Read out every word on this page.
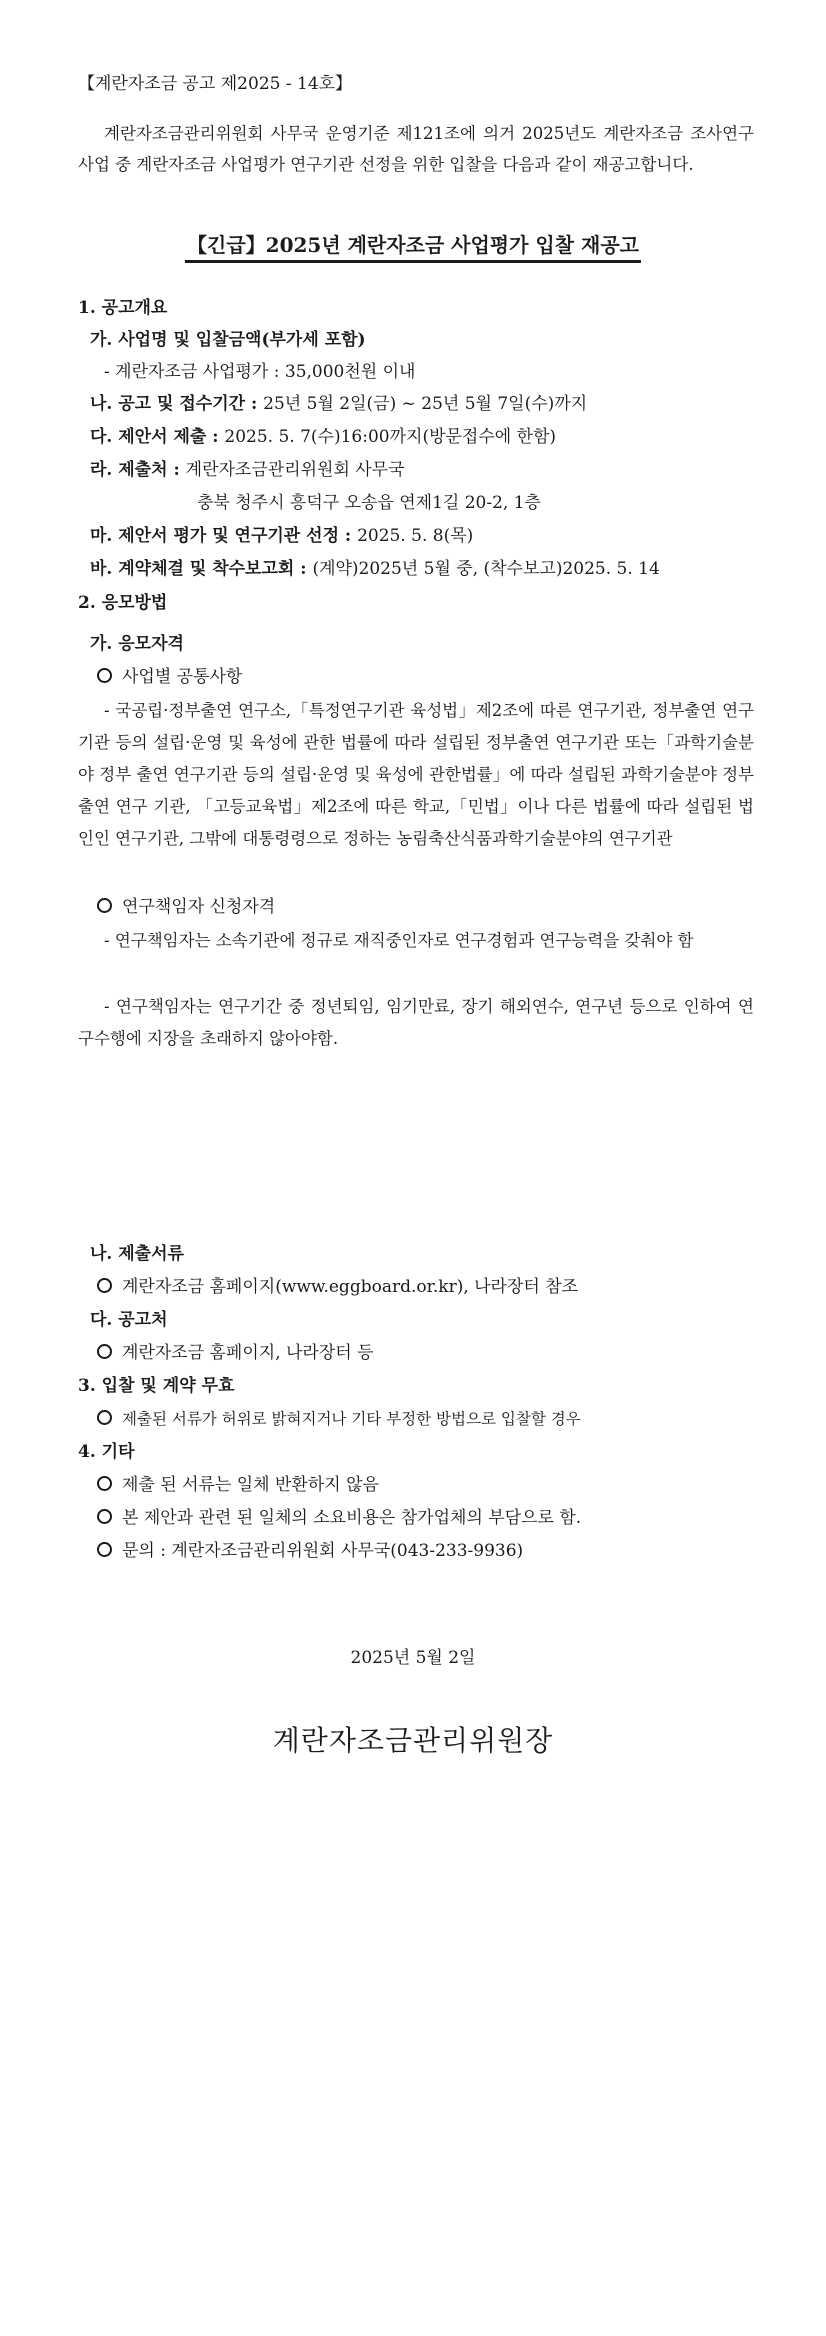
【계란자조금 공고 제2025 - 14호】
계란자조금관리위원회 사무국 운영기준 제121조에 의거 2025년도 계란자조금 조사연구 사업 중 계란자조금 사업평가 연구기관 선정을 위한 입찰을 다음과 같이 재공고합니다.
【긴급】2025년 계란자조금 사업평가 입찰 재공고
1. 공고개요
가. 사업명 및 입찰금액(부가세 포함)
- 계란자조금 사업평가 : 35,000천원 이내
나. 공고 및 접수기간 : 25년 5월 2일(금) ~ 25년 5월 7일(수)까지
다. 제안서 제출 : 2025. 5. 7(수)16:00까지(방문접수에 한함)
라. 제출처 : 계란자조금관리위원회 사무국
충북 청주시 흥덕구 오송읍 연제1길 20-2, 1층
마. 제안서 평가 및 연구기관 선정 : 2025. 5. 8(목)
바. 계약체결 및 착수보고회 : (계약)2025년 5월 중, (착수보고)2025. 5. 14
2. 응모방법
가. 응모자격
사업별 공통사항
- 국공립·정부출연 연구소,「특정연구기관 육성법」제2조에 따른 연구기관, 정부출연 연구기관 등의 설립·운영 및 육성에 관한 법률에 따라 설립된 정부출연 연구기관 또는「과학기술분야 정부 출연 연구기관 등의 설립·운영 및 육성에 관한법률」에 따라 설립된 과학기술분야 정부출연 연구 기관, 「고등교육법」제2조에 따른 학교,「민법」이나 다른 법률에 따라 설립된 법인인 연구기관, 그밖에 대통령령으로 정하는 농림축산식품과학기술분야의 연구기관
연구책임자 신청자격
- 연구책임자는 소속기관에 정규로 재직중인자로 연구경험과 연구능력을 갖춰야 함
- 연구책임자는 연구기간 중 정년퇴임, 임기만료, 장기 해외연수, 연구년 등으로 인하여 연구수행에 지장을 초래하지 않아야함.
나. 제출서류
계란자조금 홈페이지(www.eggboard.or.kr), 나라장터 참조
다. 공고처
계란자조금 홈페이지, 나라장터 등
3. 입찰 및 계약 무효
제출된 서류가 허위로 밝혀지거나 기타 부정한 방법으로 입찰할 경우
4. 기타
제출 된 서류는 일체 반환하지 않음
본 제안과 관련 된 일체의 소요비용은 참가업체의 부담으로 함.
문의 : 계란자조금관리위원회 사무국(043-233-9936)
2025년 5월 2일
계란자조금관리위원장
